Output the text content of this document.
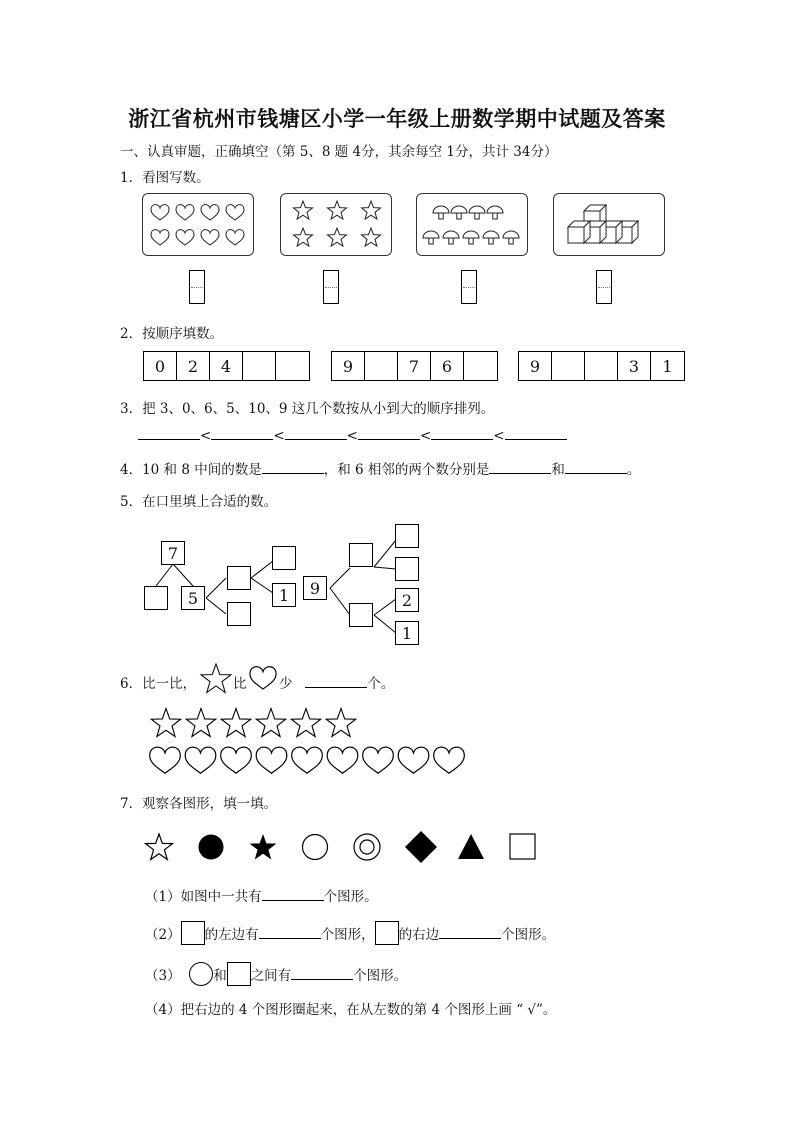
浙江省杭州市钱塘区小学一年级上册数学期中试题及答案
一、认真审题，正确填空（第 5、8 题 4分，其余每空 1分，共计 34分）
1．看图写数。
2．按顺序填数。
0	2	4	9	7	6	9	3	1
3．把 3、0、6、5、10、9 这几个数按从小到大的顺序排列。
<	<	<	<	<
4．10 和 8 中间的数是	，和 6 相邻的两个数分别是	和	。
5．在口里填上合适的数。
7
5	1	9
2
1
6．比一比，	比 少	个。
7．观察各图形，填一填。
（1）如图中一共有	个图形。
（2） 的左边有	个图形， 的右边	个图形。
（3） 和 之间有	个图形。
（4）把右边的 4 个图形圈起来，在从左数的第 4 个图形上画 “ √”。
